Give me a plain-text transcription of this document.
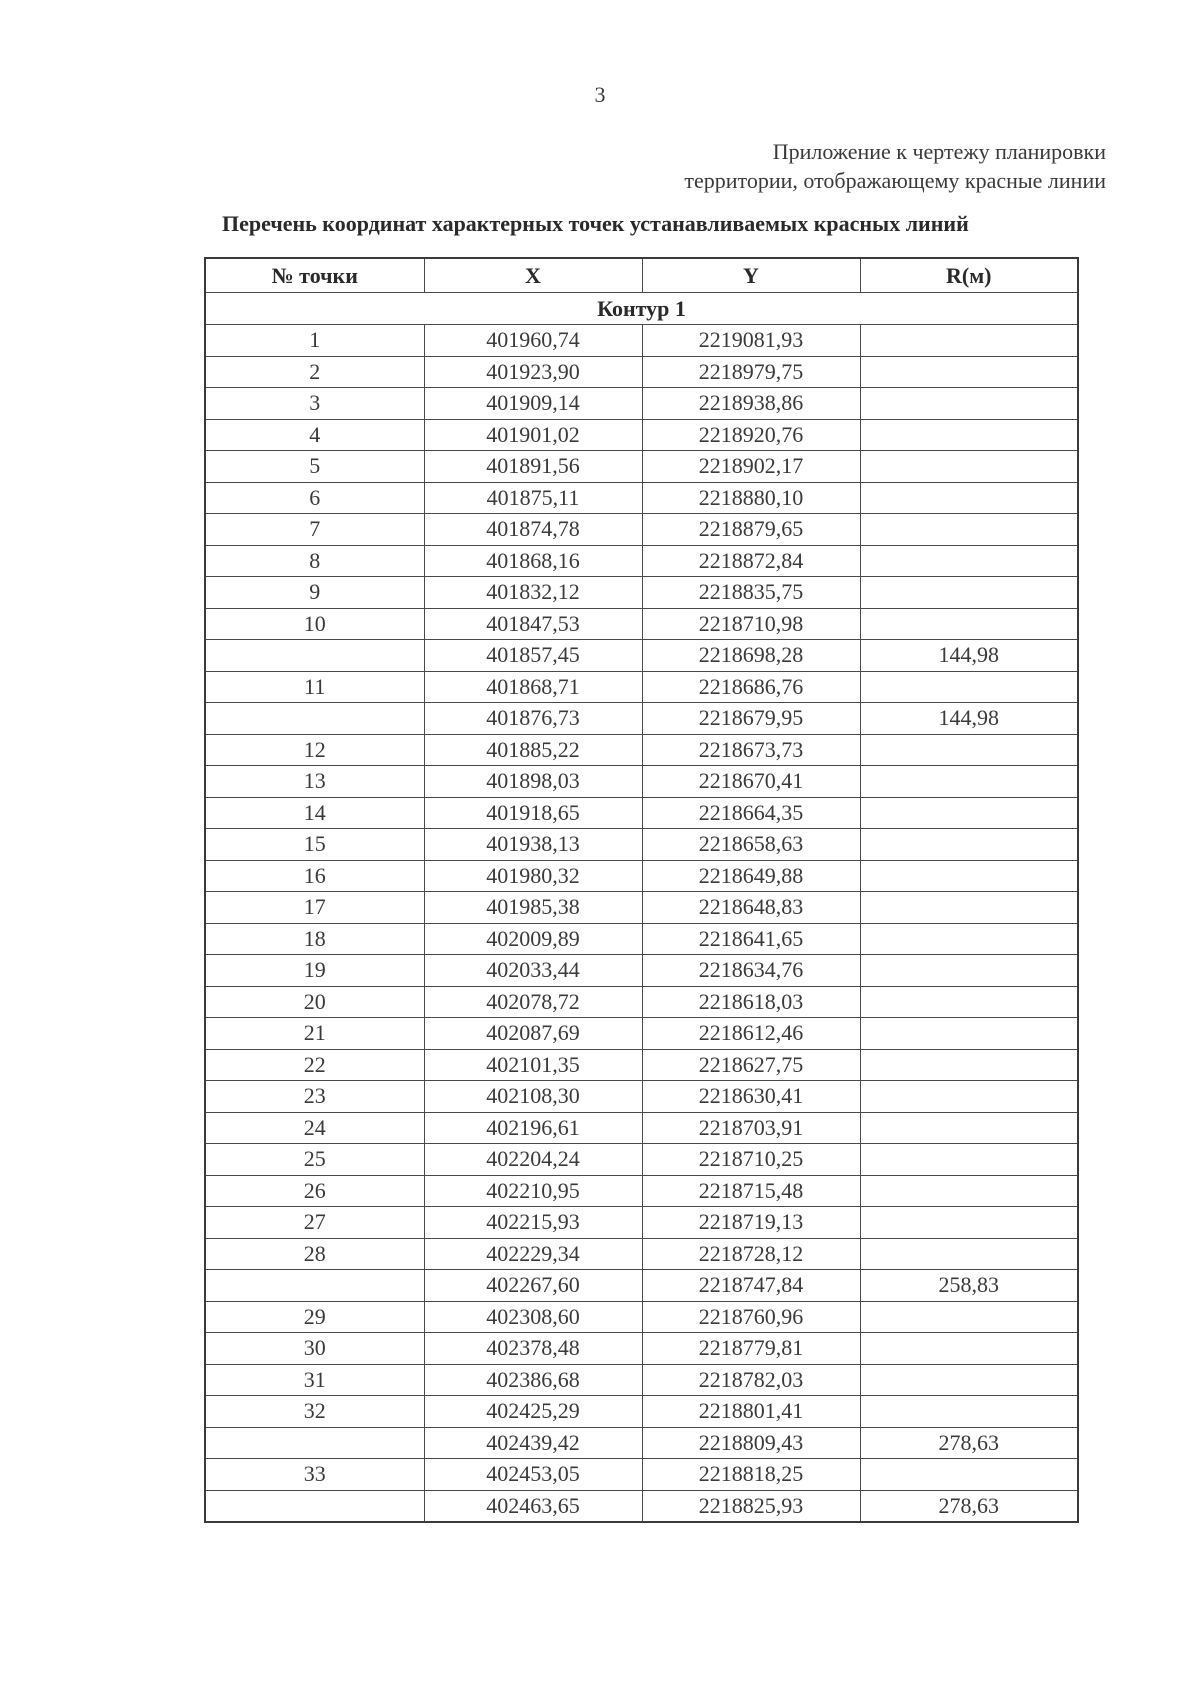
3
Приложение к чертежу планировки
территории, отображающему красные линии
Перечень координат характерных точек устанавливаемых красных линий
№ точки	X	Y	R(м)
Контур 1			
1	401960,74	2219081,93	
2	401923,90	2218979,75	
3	401909,14	2218938,86	
4	401901,02	2218920,76	
5	401891,56	2218902,17	
6	401875,11	2218880,10	
7	401874,78	2218879,65	
8	401868,16	2218872,84	
9	401832,12	2218835,75	
10	401847,53	2218710,98	
	401857,45	2218698,28	144,98
11	401868,71	2218686,76	
	401876,73	2218679,95	144,98
12	401885,22	2218673,73	
13	401898,03	2218670,41	
14	401918,65	2218664,35	
15	401938,13	2218658,63	
16	401980,32	2218649,88	
17	401985,38	2218648,83	
18	402009,89	2218641,65	
19	402033,44	2218634,76	
20	402078,72	2218618,03	
21	402087,69	2218612,46	
22	402101,35	2218627,75	
23	402108,30	2218630,41	
24	402196,61	2218703,91	
25	402204,24	2218710,25	
26	402210,95	2218715,48	
27	402215,93	2218719,13	
28	402229,34	2218728,12	
	402267,60	2218747,84	258,83
29	402308,60	2218760,96	
30	402378,48	2218779,81	
31	402386,68	2218782,03	
32	402425,29	2218801,41	
	402439,42	2218809,43	278,63
33	402453,05	2218818,25	
	402463,65	2218825,93	278,63
